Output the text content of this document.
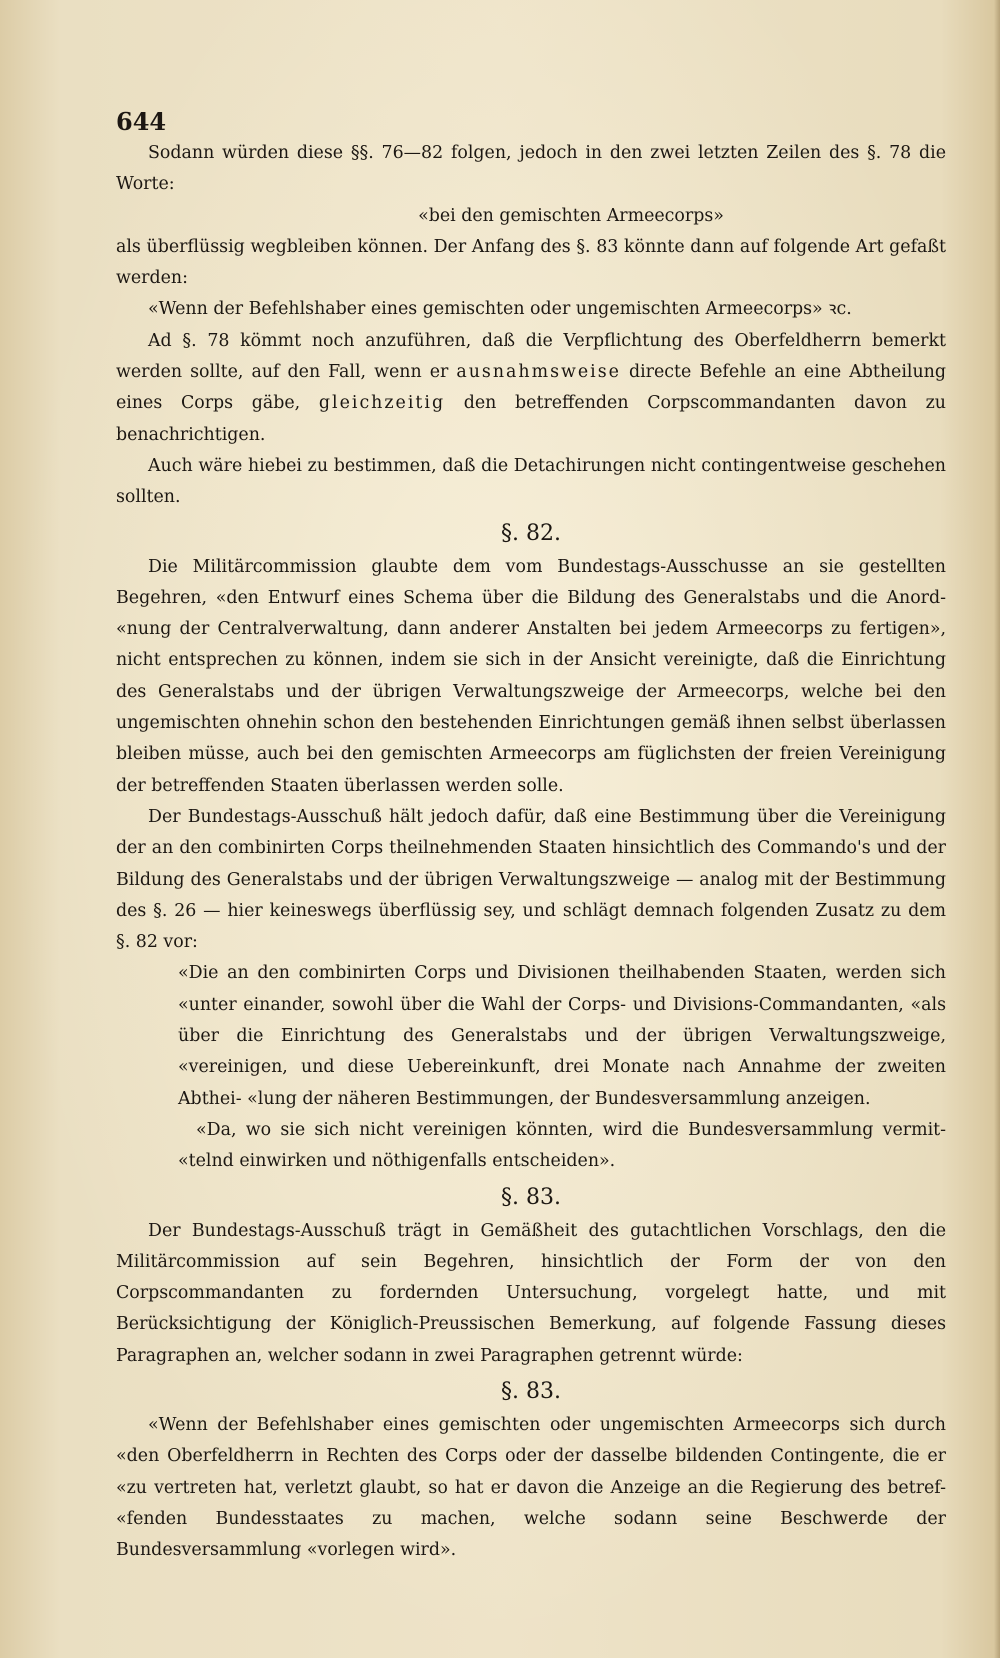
644

Sodann würden diese §§. 76—82 folgen, jedoch in den zwei letzten Zeilen des §. 78 die Worte:

«bei den gemischten Armeecorps»

als überflüssig wegbleiben können. Der Anfang des §. 83 könnte dann auf folgende Art gefaßt werden:

«Wenn der Befehlshaber eines gemischten oder ungemischten Armeecorps» ꝛc.

Ad §. 78 kömmt noch anzuführen, daß die Verpflichtung des Oberfeldherrn bemerkt werden sollte, auf den Fall, wenn er ausnahmsweise directe Befehle an eine Abtheilung eines Corps gäbe, gleichzeitig den betreffenden Corpscommandanten davon zu benachrichtigen.

Auch wäre hiebei zu bestimmen, daß die Detachirungen nicht contingentweise geschehen sollten.

§. 82.

Die Militärcommission glaubte dem vom Bundestags-Ausschusse an sie gestellten Begehren, «den Entwurf eines Schema über die Bildung des Generalstabs und die Anord- «nung der Centralverwaltung, dann anderer Anstalten bei jedem Armeecorps zu fertigen», nicht entsprechen zu können, indem sie sich in der Ansicht vereinigte, daß die Einrichtung des Generalstabs und der übrigen Verwaltungszweige der Armeecorps, welche bei den ungemischten ohnehin schon den bestehenden Einrichtungen gemäß ihnen selbst überlassen bleiben müsse, auch bei den gemischten Armeecorps am füglichsten der freien Vereinigung der betreffenden Staaten überlassen werden solle.

Der Bundestags-Ausschuß hält jedoch dafür, daß eine Bestimmung über die Vereinigung der an den combinirten Corps theilnehmenden Staaten hinsichtlich des Commando's und der Bildung des Generalstabs und der übrigen Verwaltungszweige — analog mit der Bestimmung des §. 26 — hier keineswegs überflüssig sey, und schlägt demnach folgenden Zusatz zu dem §. 82 vor:

«Die an den combinirten Corps und Divisionen theilhabenden Staaten, werden sich «unter einander, sowohl über die Wahl der Corps- und Divisions-Commandanten, «als über die Einrichtung des Generalstabs und der übrigen Verwaltungszweige, «vereinigen, und diese Uebereinkunft, drei Monate nach Annahme der zweiten Abthei- «lung der näheren Bestimmungen, der Bundesversammlung anzeigen.

«Da, wo sie sich nicht vereinigen könnten, wird die Bundesversammlung vermit- «telnd einwirken und nöthigenfalls entscheiden».

§. 83.

Der Bundestags-Ausschuß trägt in Gemäßheit des gutachtlichen Vorschlags, den die Militärcommission auf sein Begehren, hinsichtlich der Form der von den Corpscommandanten zu fordernden Untersuchung, vorgelegt hatte, und mit Berücksichtigung der Königlich-Preussischen Bemerkung, auf folgende Fassung dieses Paragraphen an, welcher sodann in zwei Paragraphen getrennt würde:

§. 83.

«Wenn der Befehlshaber eines gemischten oder ungemischten Armeecorps sich durch «den Oberfeldherrn in Rechten des Corps oder der dasselbe bildenden Contingente, die er «zu vertreten hat, verletzt glaubt, so hat er davon die Anzeige an die Regierung des betref- «fenden Bundesstaates zu machen, welche sodann seine Beschwerde der Bundesversammlung «vorlegen wird».
